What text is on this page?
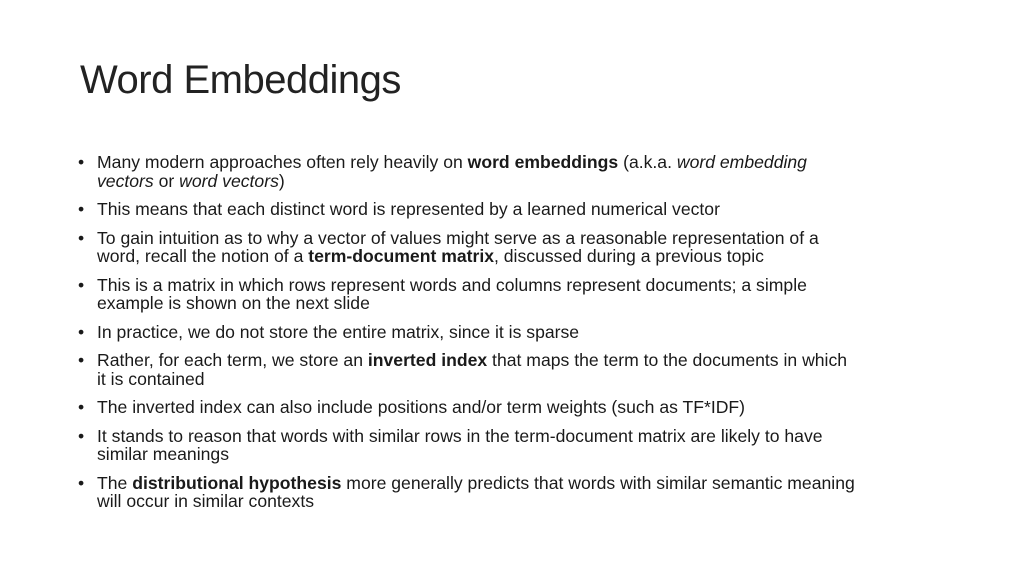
Word Embeddings
• Many modern approaches often rely heavily on word embeddings (a.k.a. word embedding
vectors or word vectors)
• This means that each distinct word is represented by a learned numerical vector
• To gain intuition as to why a vector of values might serve as a reasonable representation of a
word, recall the notion of a term-document matrix, discussed during a previous topic
• This is a matrix in which rows represent words and columns represent documents; a simple
example is shown on the next slide
• In practice, we do not store the entire matrix, since it is sparse
• Rather, for each term, we store an inverted index that maps the term to the documents in which
it is contained
• The inverted index can also include positions and/or term weights (such as TF*IDF)
• It stands to reason that words with similar rows in the term-document matrix are likely to have
similar meanings
• The distributional hypothesis more generally predicts that words with similar semantic meaning
will occur in similar contexts
